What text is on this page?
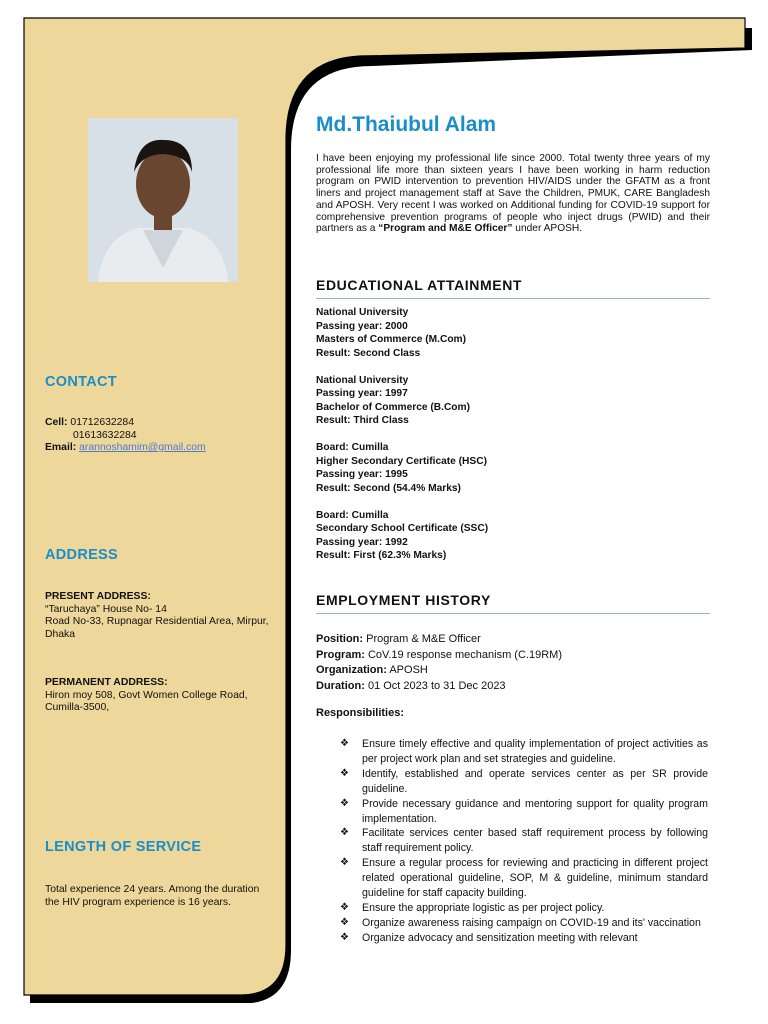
CONTACT
Cell: 01712632284
01613632284
Email: arannoshamim@gmail.com
ADDRESS
PRESENT ADDRESS:
“Taruchaya” House No- 14
Road No-33, Rupnagar Residential Area, Mirpur, Dhaka
PERMANENT ADDRESS:
Hiron moy 508, Govt Women College Road,
Cumilla-3500,
LENGTH OF SERVICE
Total experience 24 years. Among the duration the HIV program experience is 16 years.
Md.Thaiubul Alam
I have been enjoying my professional life since 2000. Total twenty three years of my professional life more than sixteen years I have been working in harm reduction program on PWID intervention to prevention HIV/AIDS under the GFATM as a front liners and project management staff at Save the Children, PMUK, CARE Bangladesh and APOSH. Very recent I was worked on Additional funding for COVID-19 support for comprehensive prevention programs of people who inject drugs (PWID) and their partners as a “Program and M&E Officer” under APOSH.
EDUCATIONAL ATTAINMENT
National University
Passing year: 2000
Masters of Commerce (M.Com)
Result: Second Class
National University
Passing year: 1997
Bachelor of Commerce (B.Com)
Result: Third Class
Board: Cumilla
Higher Secondary Certificate (HSC)
Passing year: 1995
Result: Second (54.4% Marks)
Board: Cumilla
Secondary School Certificate (SSC)
Passing year: 1992
Result: First (62.3% Marks)
EMPLOYMENT HISTORY
Position: Program & M&E Officer
Program: CoV.19 response mechanism (C.19RM)
Organization: APOSH
Duration: 01 Oct 2023 to 31 Dec 2023
Responsibilities:
❖ Ensure timely effective and quality implementation of project activities as per project work plan and set strategies and guideline.
❖ Identify, established and operate services center as per SR provide guideline.
❖ Provide necessary guidance and mentoring support for quality program implementation.
❖ Facilitate services center based staff requirement process by following staff requirement policy.
❖ Ensure a regular process for reviewing and practicing in different project related operational guideline, SOP, M & guideline, minimum standard guideline for staff capacity building.
❖ Ensure the appropriate logistic as per project policy.
❖ Organize awareness raising campaign on COVID-19 and its' vaccination
❖ Organize advocacy and sensitization meeting with relevant
